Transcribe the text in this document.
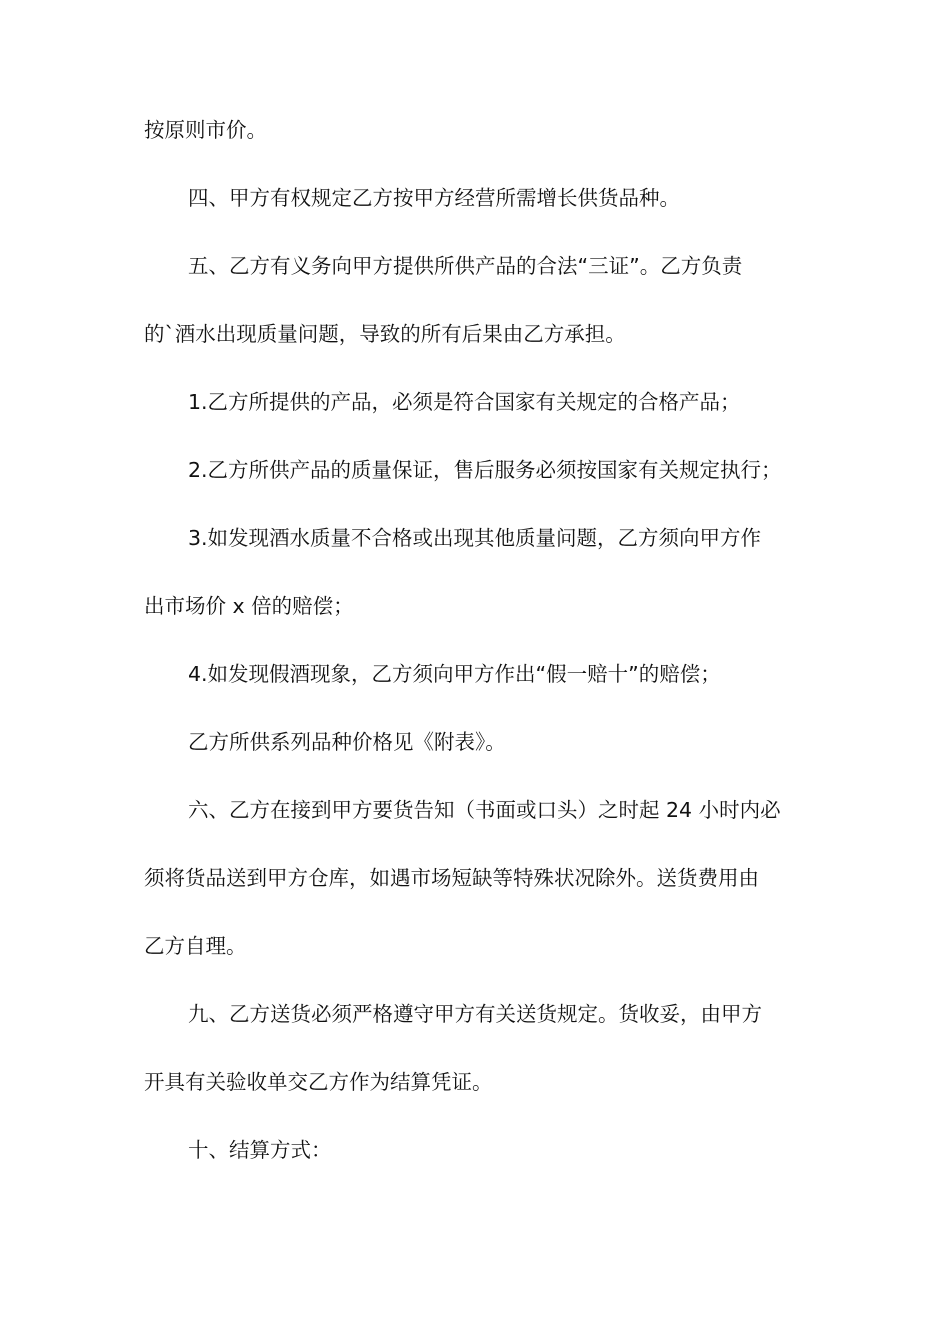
按原则市价。
四、甲方有权规定乙方按甲方经营所需增长供货品种。
五、乙方有义务向甲方提供所供产品的合法“三证”。乙方负责
的`酒水出现质量问题，导致的所有后果由乙方承担。
1.乙方所提供的产品，必须是符合国家有关规定的合格产品；
2.乙方所供产品的质量保证，售后服务必须按国家有关规定执行；
3.如发现酒水质量不合格或出现其他质量问题，乙方须向甲方作
出市场价 x 倍的赔偿；
4.如发现假酒现象，乙方须向甲方作出“假一赔十”的赔偿；
乙方所供系列品种价格见《附表》。
六、乙方在接到甲方要货告知（书面或口头）之时起 24 小时内必
须将货品送到甲方仓库，如遇市场短缺等特殊状况除外。送货费用由
乙方自理。
九、乙方送货必须严格遵守甲方有关送货规定。货收妥，由甲方
开具有关验收单交乙方作为结算凭证。
十、结算方式：
